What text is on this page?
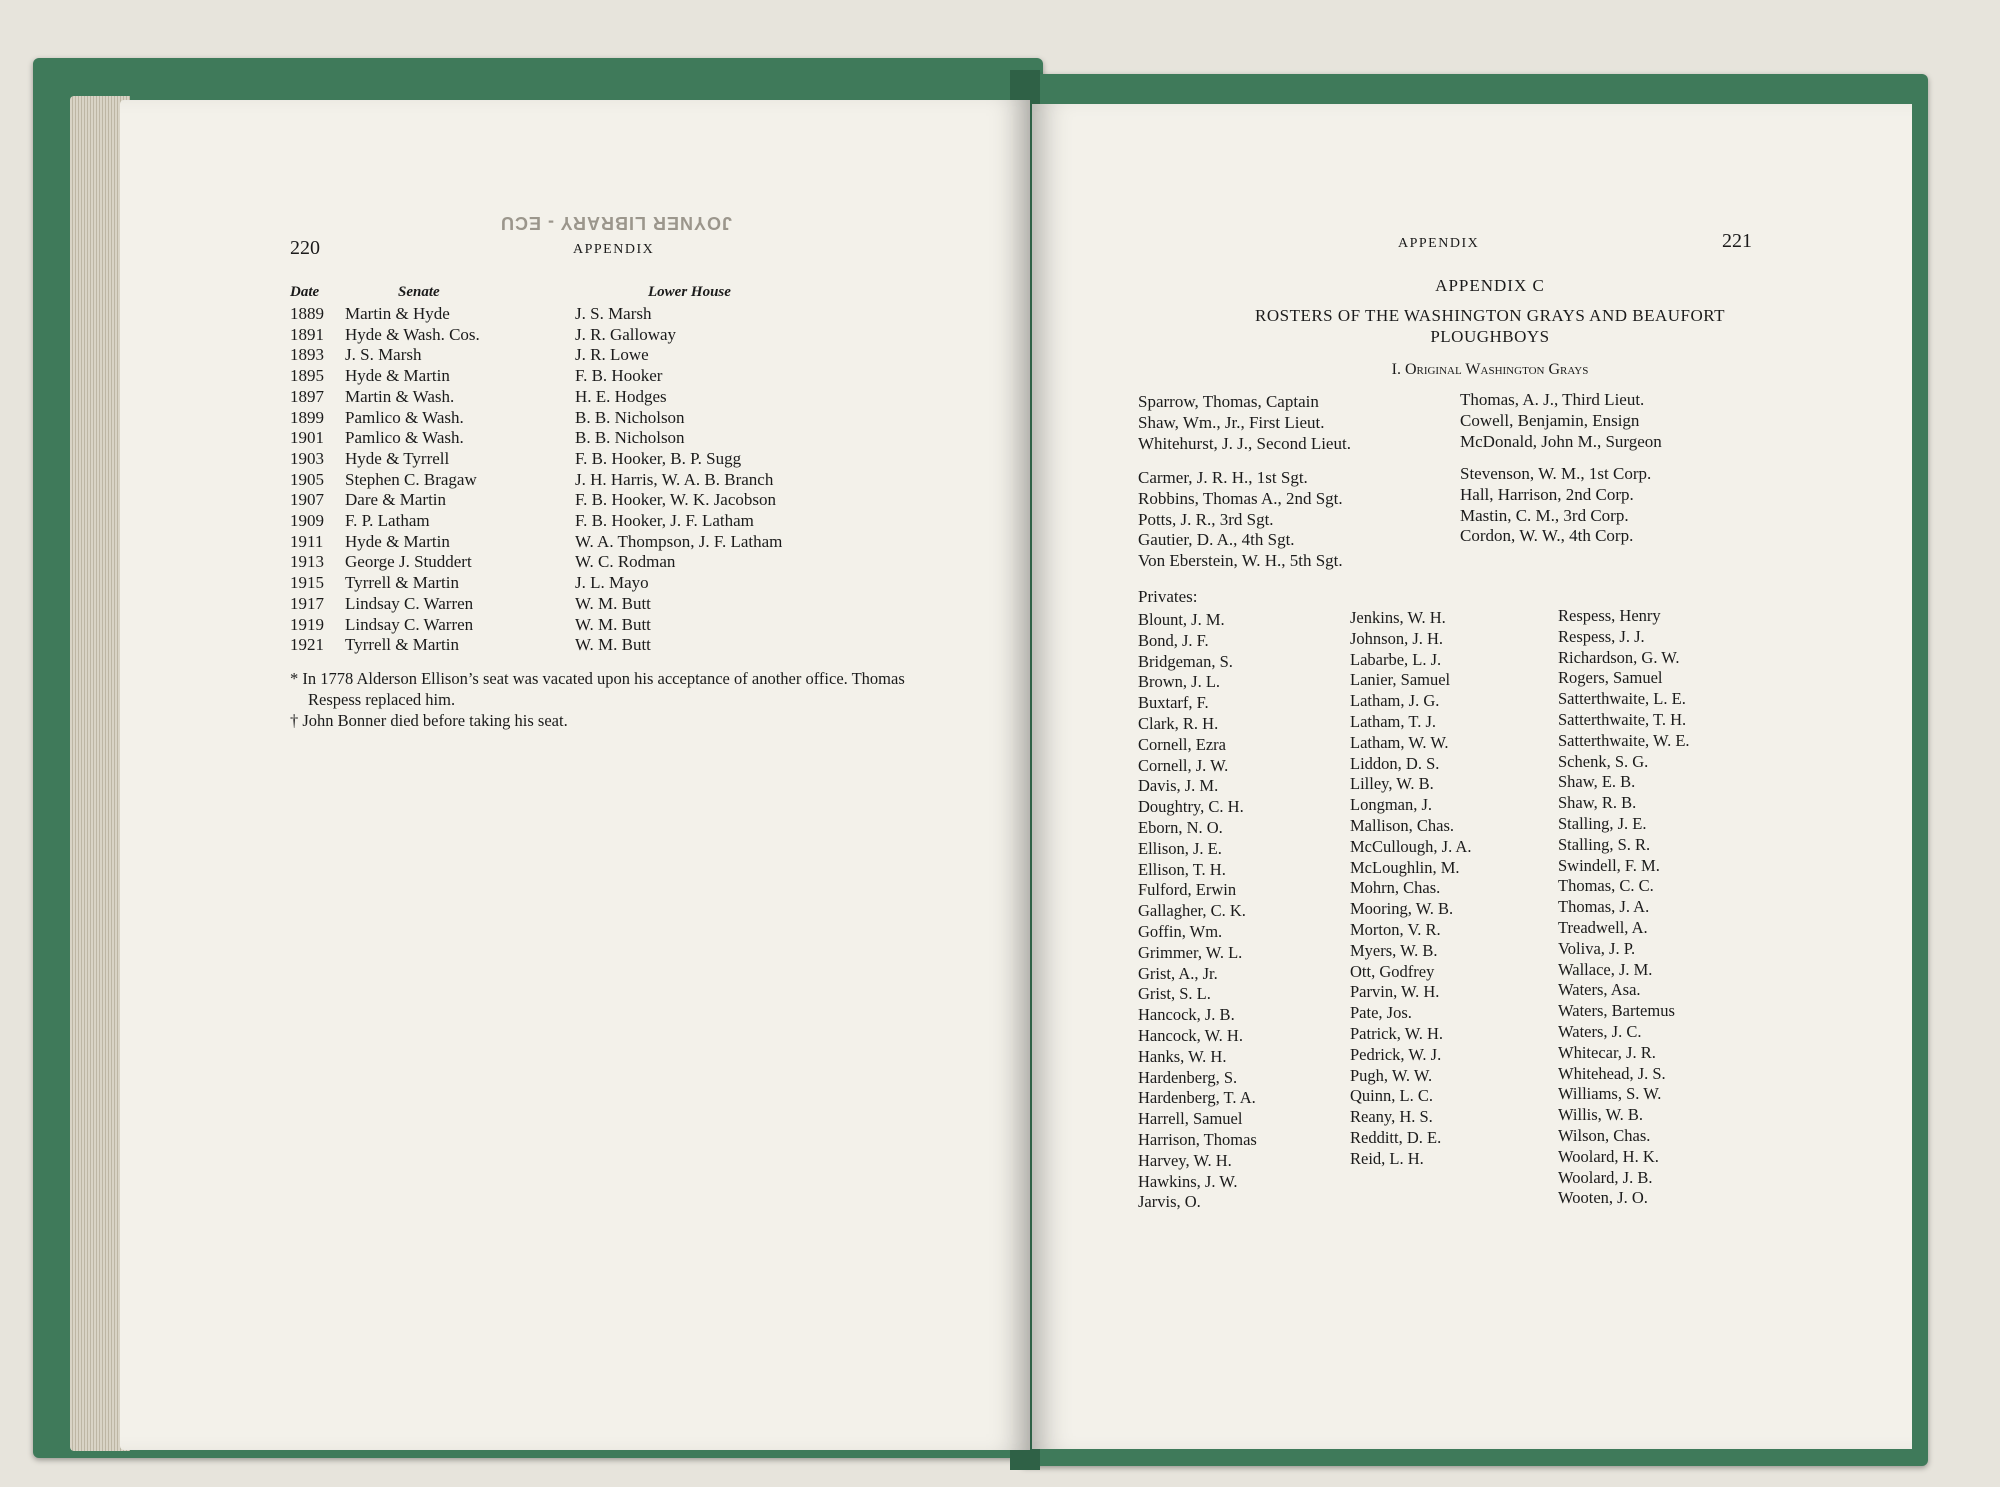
JOYNER LIBRARY - ECU
220	APPENDIX
Date	Senate	Lower House
1889 Martin & Hyde	J. S. Marsh
1891 Hyde & Wash. Cos.	J. R. Galloway
1893 J. S. Marsh	J. R. Lowe
1895 Hyde & Martin	F. B. Hooker
1897 Martin & Wash.	H. E. Hodges
1899 Pamlico & Wash.	B. B. Nicholson
1901 Pamlico & Wash.	B. B. Nicholson
1903 Hyde & Tyrrell	F. B. Hooker, B. P. Sugg
1905 Stephen C. Bragaw	J. H. Harris, W. A. B. Branch
1907 Dare & Martin	F. B. Hooker, W. K. Jacobson
1909 F. P. Latham	F. B. Hooker, J. F. Latham
1911 Hyde & Martin	W. A. Thompson, J. F. Latham
1913 George J. Studdert	W. C. Rodman
1915 Tyrrell & Martin	J. L. Mayo
1917 Lindsay C. Warren	W. M. Butt
1919 Lindsay C. Warren	W. M. Butt
1921 Tyrrell & Martin	W. M. Butt

* In 1778 Alderson Ellison’s seat was vacated upon his acceptance of another office. Thomas Respess replaced him.

† John Bonner died before taking his seat.

APPENDIX	221
APPENDIX C
ROSTERS OF THE WASHINGTON GRAYS AND BEAUFORT
PLOUGHBOYS
I. Original Washington Grays
Sparrow, Thomas, Captain
Shaw, Wm., Jr., First Lieut.
Whitehurst, J. J., Second Lieut.
Thomas, A. J., Third Lieut.
Cowell, Benjamin, Ensign
McDonald, John M., Surgeon
Carmer, J. R. H., 1st Sgt.
Robbins, Thomas A., 2nd Sgt.
Potts, J. R., 3rd Sgt.
Gautier, D. A., 4th Sgt.
Von Eberstein, W. H., 5th Sgt.
Stevenson, W. M., 1st Corp.
Hall, Harrison, 2nd Corp.
Mastin, C. M., 3rd Corp.
Cordon, W. W., 4th Corp.
Privates:
Blount, J. M.
Bond, J. F.
Bridgeman, S.
Brown, J. L.
Buxtarf, F.
Clark, R. H.
Cornell, Ezra
Cornell, J. W.
Davis, J. M.
Doughtry, C. H.
Eborn, N. O.
Ellison, J. E.
Ellison, T. H.
Fulford, Erwin
Gallagher, C. K.
Goffin, Wm.
Grimmer, W. L.
Grist, A., Jr.
Grist, S. L.
Hancock, J. B.
Hancock, W. H.
Hanks, W. H.
Hardenberg, S.
Hardenberg, T. A.
Harrell, Samuel
Harrison, Thomas
Harvey, W. H.
Hawkins, J. W.
Jarvis, O.
Jenkins, W. H.
Johnson, J. H.
Labarbe, L. J.
Lanier, Samuel
Latham, J. G.
Latham, T. J.
Latham, W. W.
Liddon, D. S.
Lilley, W. B.
Longman, J.
Mallison, Chas.
McCullough, J. A.
McLoughlin, M.
Mohrn, Chas.
Mooring, W. B.
Morton, V. R.
Myers, W. B.
Ott, Godfrey
Parvin, W. H.
Pate, Jos.
Patrick, W. H.
Pedrick, W. J.
Pugh, W. W.
Quinn, L. C.
Reany, H. S.
Redditt, D. E.
Reid, L. H.
Respess, Henry
Respess, J. J.
Richardson, G. W.
Rogers, Samuel
Satterthwaite, L. E.
Satterthwaite, T. H.
Satterthwaite, W. E.
Schenk, S. G.
Shaw, E. B.
Shaw, R. B.
Stalling, J. E.
Stalling, S. R.
Swindell, F. M.
Thomas, C. C.
Thomas, J. A.
Treadwell, A.
Voliva, J. P.
Wallace, J. M.
Waters, Asa.
Waters, Bartemus
Waters, J. C.
Whitecar, J. R.
Whitehead, J. S.
Williams, S. W.
Willis, W. B.
Wilson, Chas.
Woolard, H. K.
Woolard, J. B.
Wooten, J. O.
